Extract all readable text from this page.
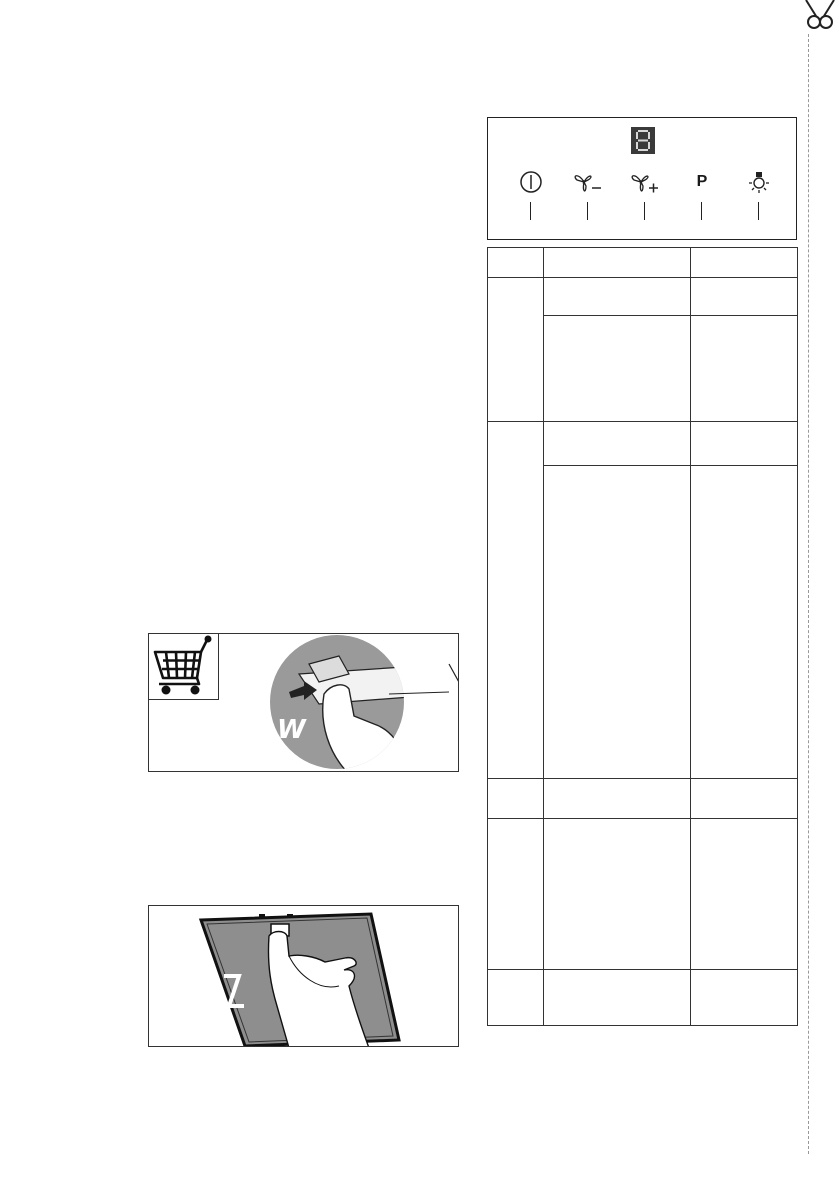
P

W
